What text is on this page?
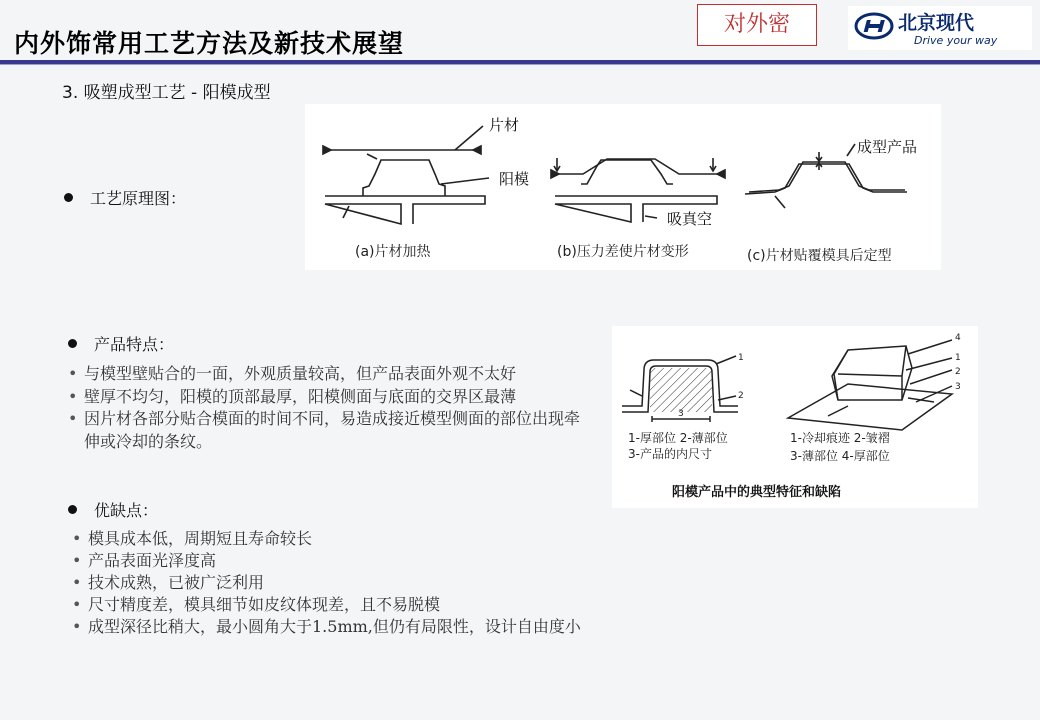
内外饰常用工艺方法及新技术展望
对外密	北京现代
Drive your way
3. 吸塑成型工艺 - 阳模成型
工艺原理图：
片材
阳模
吸真空
成型产品
(a)片材加热	(b)压力差使片材变形	(c)片材贴覆模具后定型
产品特点：
• 与模型壁贴合的一面，外观质量较高，但产品表面外观不太好
• 壁厚不均匀，阳模的顶部最厚，阳模侧面与底面的交界区最薄
• 因片材各部分贴合模面的时间不同，易造成接近模型侧面的部位出现牵伸或冷却的条纹。
1
2
3
4
1
2
3
1-厚部位 2-薄部位
3-产品的内尺寸
1-冷却痕迹 2-皱褶
3-薄部位 4-厚部位
阳模产品中的典型特征和缺陷
优缺点：
• 模具成本低，周期短且寿命较长
• 产品表面光泽度高
• 技术成熟，已被广泛利用
• 尺寸精度差，模具细节如皮纹体现差，且不易脱模
• 成型深径比稍大，最小圆角大于1.5mm,但仍有局限性，设计自由度小
